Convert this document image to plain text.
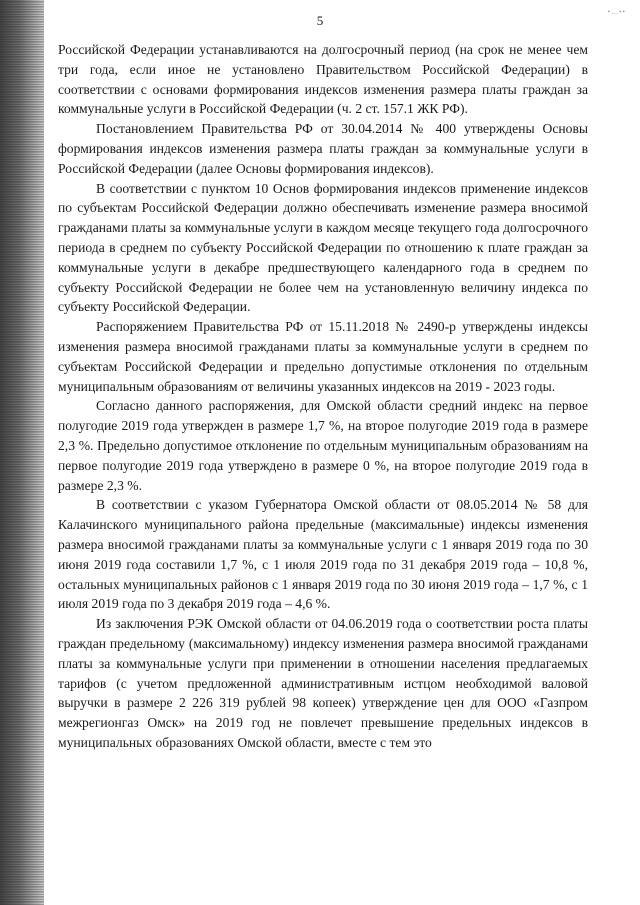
•…••
5

Российской Федерации устанавливаются на долгосрочный период (на срок не менее чем три года, если иное не установлено Правительством Российской Федерации) в соответствии с основами формирования индексов изменения размера платы граждан за коммунальные услуги в Российской Федерации (ч. 2 ст. 157.1 ЖК РФ).

Постановлением Правительства РФ от 30.04.2014 № 400 утверждены Основы формирования индексов изменения размера платы граждан за коммунальные услуги в Российской Федерации (далее Основы формирования индексов).

В соответствии с пунктом 10 Основ формирования индексов применение индексов по субъектам Российской Федерации должно обеспечивать изменение размера вносимой гражданами платы за коммунальные услуги в каждом месяце текущего года долгосрочного периода в среднем по субъекту Российской Федерации по отношению к плате граждан за коммунальные услуги в декабре предшествующего календарного года в среднем по субъекту Российской Федерации не более чем на установленную величину индекса по субъекту Российской Федерации.

Распоряжением Правительства РФ от 15.11.2018 № 2490-р утверждены индексы изменения размера вносимой гражданами платы за коммунальные услуги в среднем по субъектам Российской Федерации и предельно допустимые отклонения по отдельным муниципальным образованиям от величины указанных индексов на 2019 - 2023 годы.

Согласно данного распоряжения, для Омской области средний индекс на первое полугодие 2019 года утвержден в размере 1,7 %, на второе полугодие 2019 года в размере 2,3 %. Предельно допустимое отклонение по отдельным муниципальным образованиям на первое полугодие 2019 года утверждено в размере 0 %, на второе полугодие 2019 года в размере 2,3 %.

В соответствии с указом Губернатора Омской области от 08.05.2014 № 58 для Калачинского муниципального района предельные (максимальные) индексы изменения размера вносимой гражданами платы за коммунальные услуги с 1 января 2019 года по 30 июня 2019 года составили 1,7 %, с 1 июля 2019 года по 31 декабря 2019 года – 10,8 %, остальных муниципальных районов с 1 января 2019 года по 30 июня 2019 года – 1,7 %, с 1 июля 2019 года по 3 декабря 2019 года – 4,6 %.

Из заключения РЭК Омской области от 04.06.2019 года о соответствии роста платы граждан предельному (максимальному) индексу изменения размера вносимой гражданами платы за коммунальные услуги при применении в отношении населения предлагаемых тарифов (с учетом предложенной административным истцом необходимой валовой выручки в размере 2 226 319 рублей 98 копеек) утверждение цен для ООО «Газпром межрегионгаз Омск» на 2019 год не повлечет превышение предельных индексов в муниципальных образованиях Омской области, вместе с тем это
